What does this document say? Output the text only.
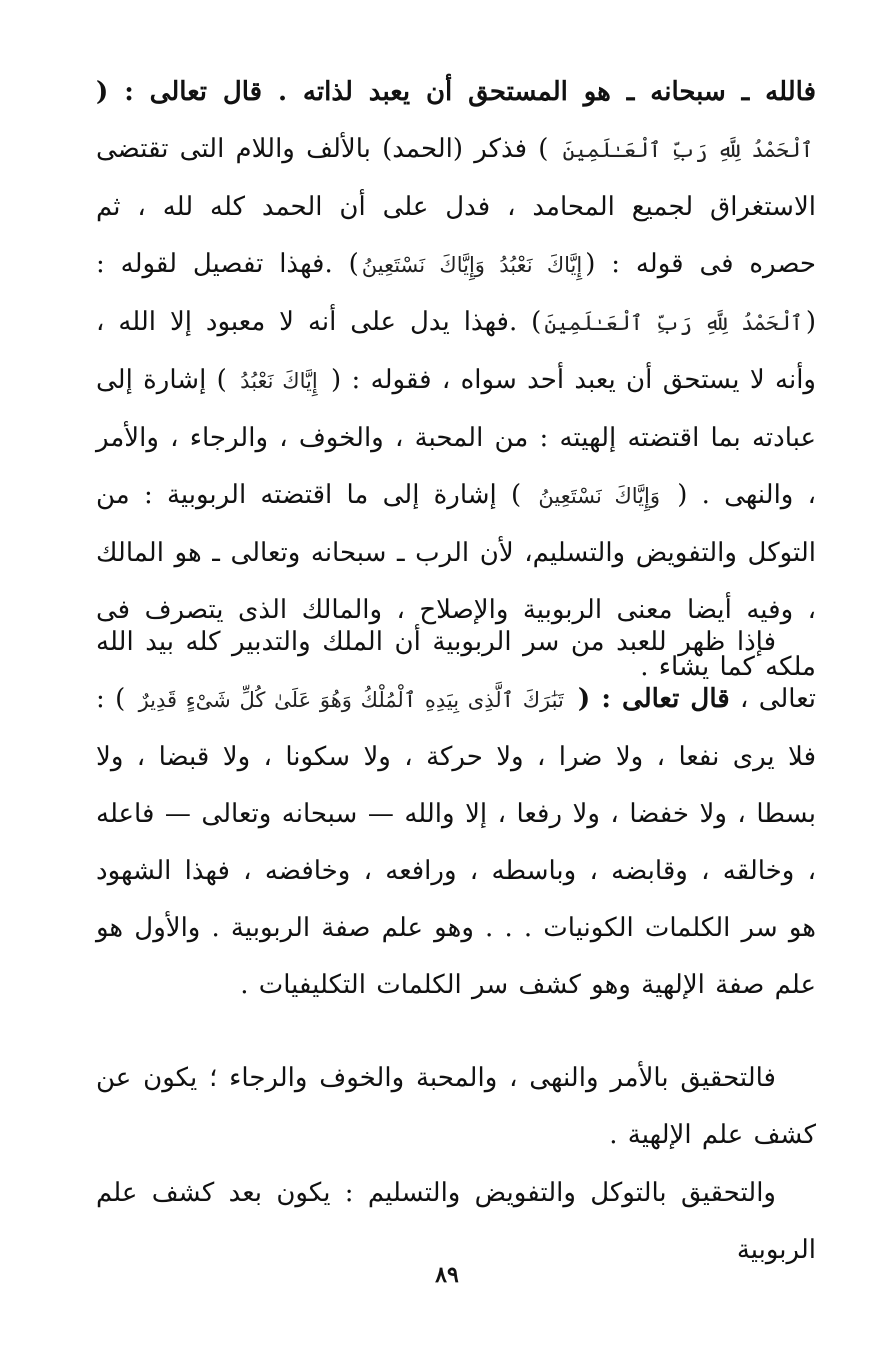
فالله ـ سبحانه ـ هو المستحق أن يعبد لذاته . قال تعالى : ( ٱلْحَمْدُ لِلَّهِ رَبِّ ٱلْعَـٰلَمِينَ ) فذكر (الحمد) بالألف واللام التى تقتضى الاستغراق لجميع المحامد ، فدل على أن الحمد كله لله ، ثم حصره فى قوله : (إِيَّاكَ نَعْبُدُ وَإِيَّاكَ نَسْتَعِينُ) .فهذا تفصيل لقوله : (ٱلْحَمْدُ لِلَّهِ رَبِّ ٱلْعَـٰلَمِينَ) .فهذا يدل على أنه لا معبود إلا الله ، وأنه لا يستحق أن يعبد أحد سواه ، فقوله : ( إِيَّاكَ نَعْبُدُ ) إشارة إلى عبادته بما اقتضته إلهيته : من المحبة ، والخوف ، والرجاء ، والأمر ، والنهى . ( وَإِيَّاكَ نَسْتَعِينُ ) إشارة إلى ما اقتضته الربوبية : من التوكل والتفويض والتسليم، لأن الرب ـ سبحانه وتعالى ـ هو المالك ، وفيه أيضا معنى الربوبية والإصلاح ، والمالك الذى يتصرف فى ملكه كما يشاء .

فإذا ظهر للعبد من سر الربوبية أن الملك والتدبير كله بيد الله تعالى ، قال تعالى : ( تَبَٰرَكَ ٱلَّذِى بِيَدِهِ ٱلْمُلْكُ وَهُوَ عَلَىٰ كُلِّ شَىْءٍ قَدِيرٌ ) : فلا يرى نفعا ، ولا ضرا ، ولا حركة ، ولا سكونا ، ولا قبضا ، ولا بسطا ، ولا خفضا ، ولا رفعا ، إلا والله — سبحانه وتعالى — فاعله ، وخالقه ، وقابضه ، وباسطه ، ورافعه ، وخافضه ، فهذا الشهود هو سر الكلمات الكونيات . . . وهو علم صفة الربوبية . والأول هو علم صفة الإلهية وهو كشف سر الكلمات التكليفيات .

فالتحقيق بالأمر والنهى ، والمحبة والخوف والرجاء ؛ يكون عن كشف علم الإلهية .

والتحقيق بالتوكل والتفويض والتسليم : يكون بعد كشف علم الربوبية

٨٩
